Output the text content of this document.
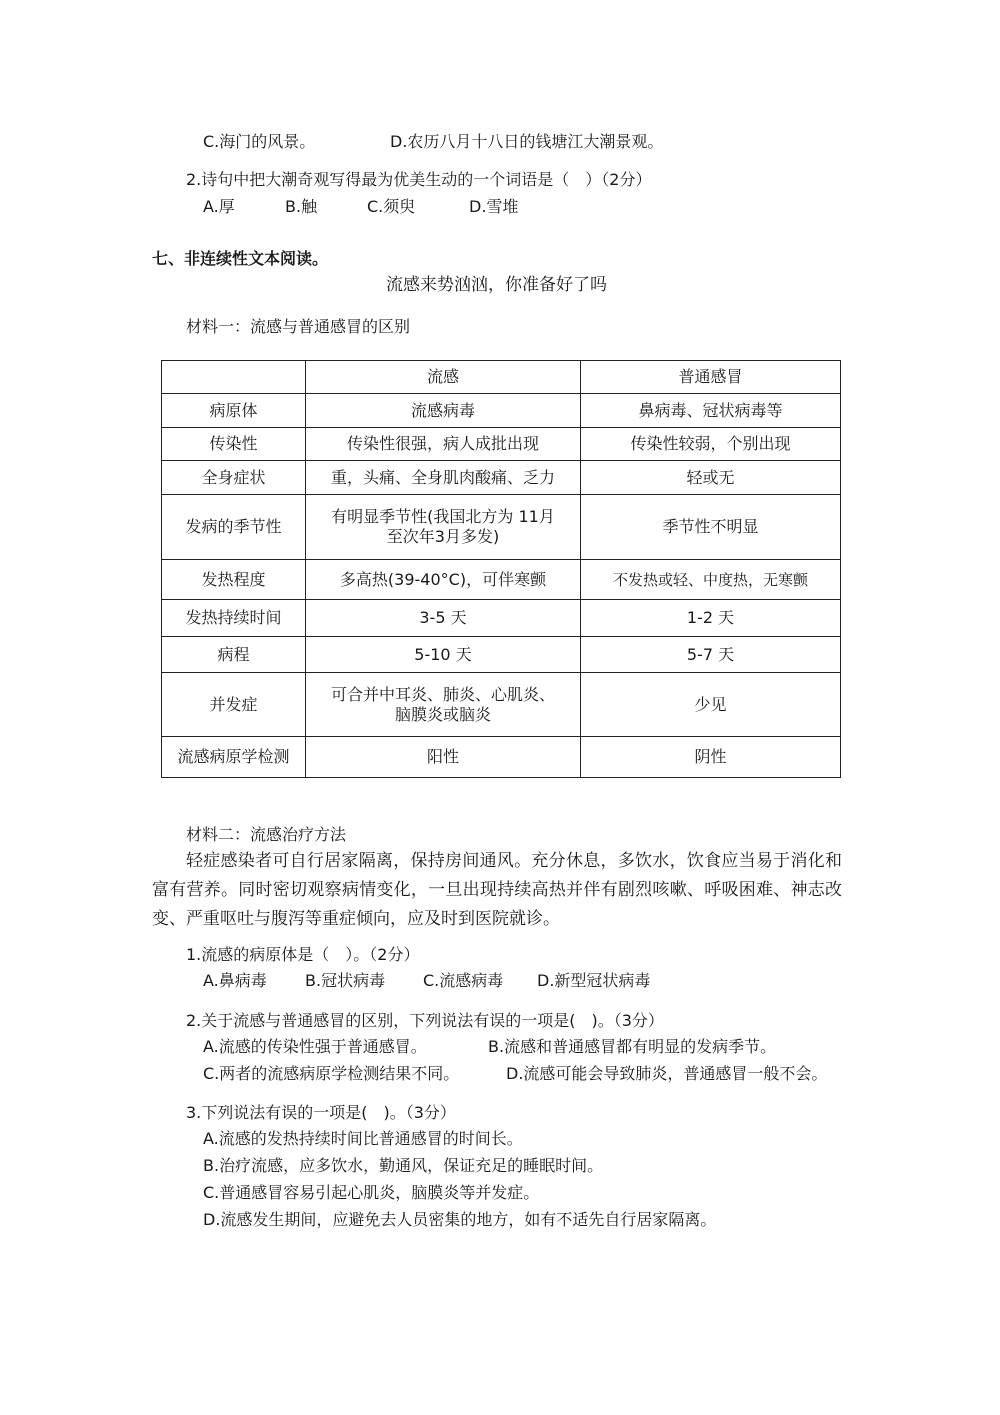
C.海门的风景。	D.农历八月十八日的钱塘江大潮景观。
2.诗句中把大潮奇观写得最为优美生动的一个词语是（　）（2分）
A.厚	B.触	C.须臾	D.雪堆
七、非连续性文本阅读。
流感来势汹汹，你准备好了吗
材料一：流感与普通感冒的区别
	流感	普通感冒
病原体	流感病毒	鼻病毒、冠状病毒等
传染性	传染性很强，病人成批出现	传染性较弱，个别出现
全身症状	重，头痛、全身肌肉酸痛、乏力	轻或无
发病的季节性	有明显季节性(我国北方为 11月至次年3月多发)	季节性不明显
发热程度	多高热(39-40°C)，可伴寒颤	不发热或轻、中度热，无寒颤
发热持续时间	3-5 天	1-2 天
病程	5-10 天	5-7 天
并发症	可合并中耳炎、肺炎、心肌炎、脑膜炎或脑炎	少见
流感病原学检测	阳性	阴性
材料二：流感治疗方法
轻症感染者可自行居家隔离，保持房间通风。充分休息，多饮水，饮食应当易于消化和富有营养。同时密切观察病情变化，一旦出现持续高热并伴有剧烈咳嗽、呼吸困难、神志改变、严重呕吐与腹泻等重症倾向，应及时到医院就诊。
1.流感的病原体是（　）。（2分）
A.鼻病毒 B.冠状病毒 C.流感病毒 D.新型冠状病毒
2.关于流感与普通感冒的区别，下列说法有误的一项是(　)。（3分）
A.流感的传染性强于普通感冒。	B.流感和普通感冒都有明显的发病季节。
C.两者的流感病原学检测结果不同。	D.流感可能会导致肺炎，普通感冒一般不会。
3.下列说法有误的一项是(　)。（3分）
A.流感的发热持续时间比普通感冒的时间长。
B.治疗流感，应多饮水，勤通风，保证充足的睡眠时间。
C.普通感冒容易引起心肌炎，脑膜炎等并发症。
D.流感发生期间，应避免去人员密集的地方，如有不适先自行居家隔离。
